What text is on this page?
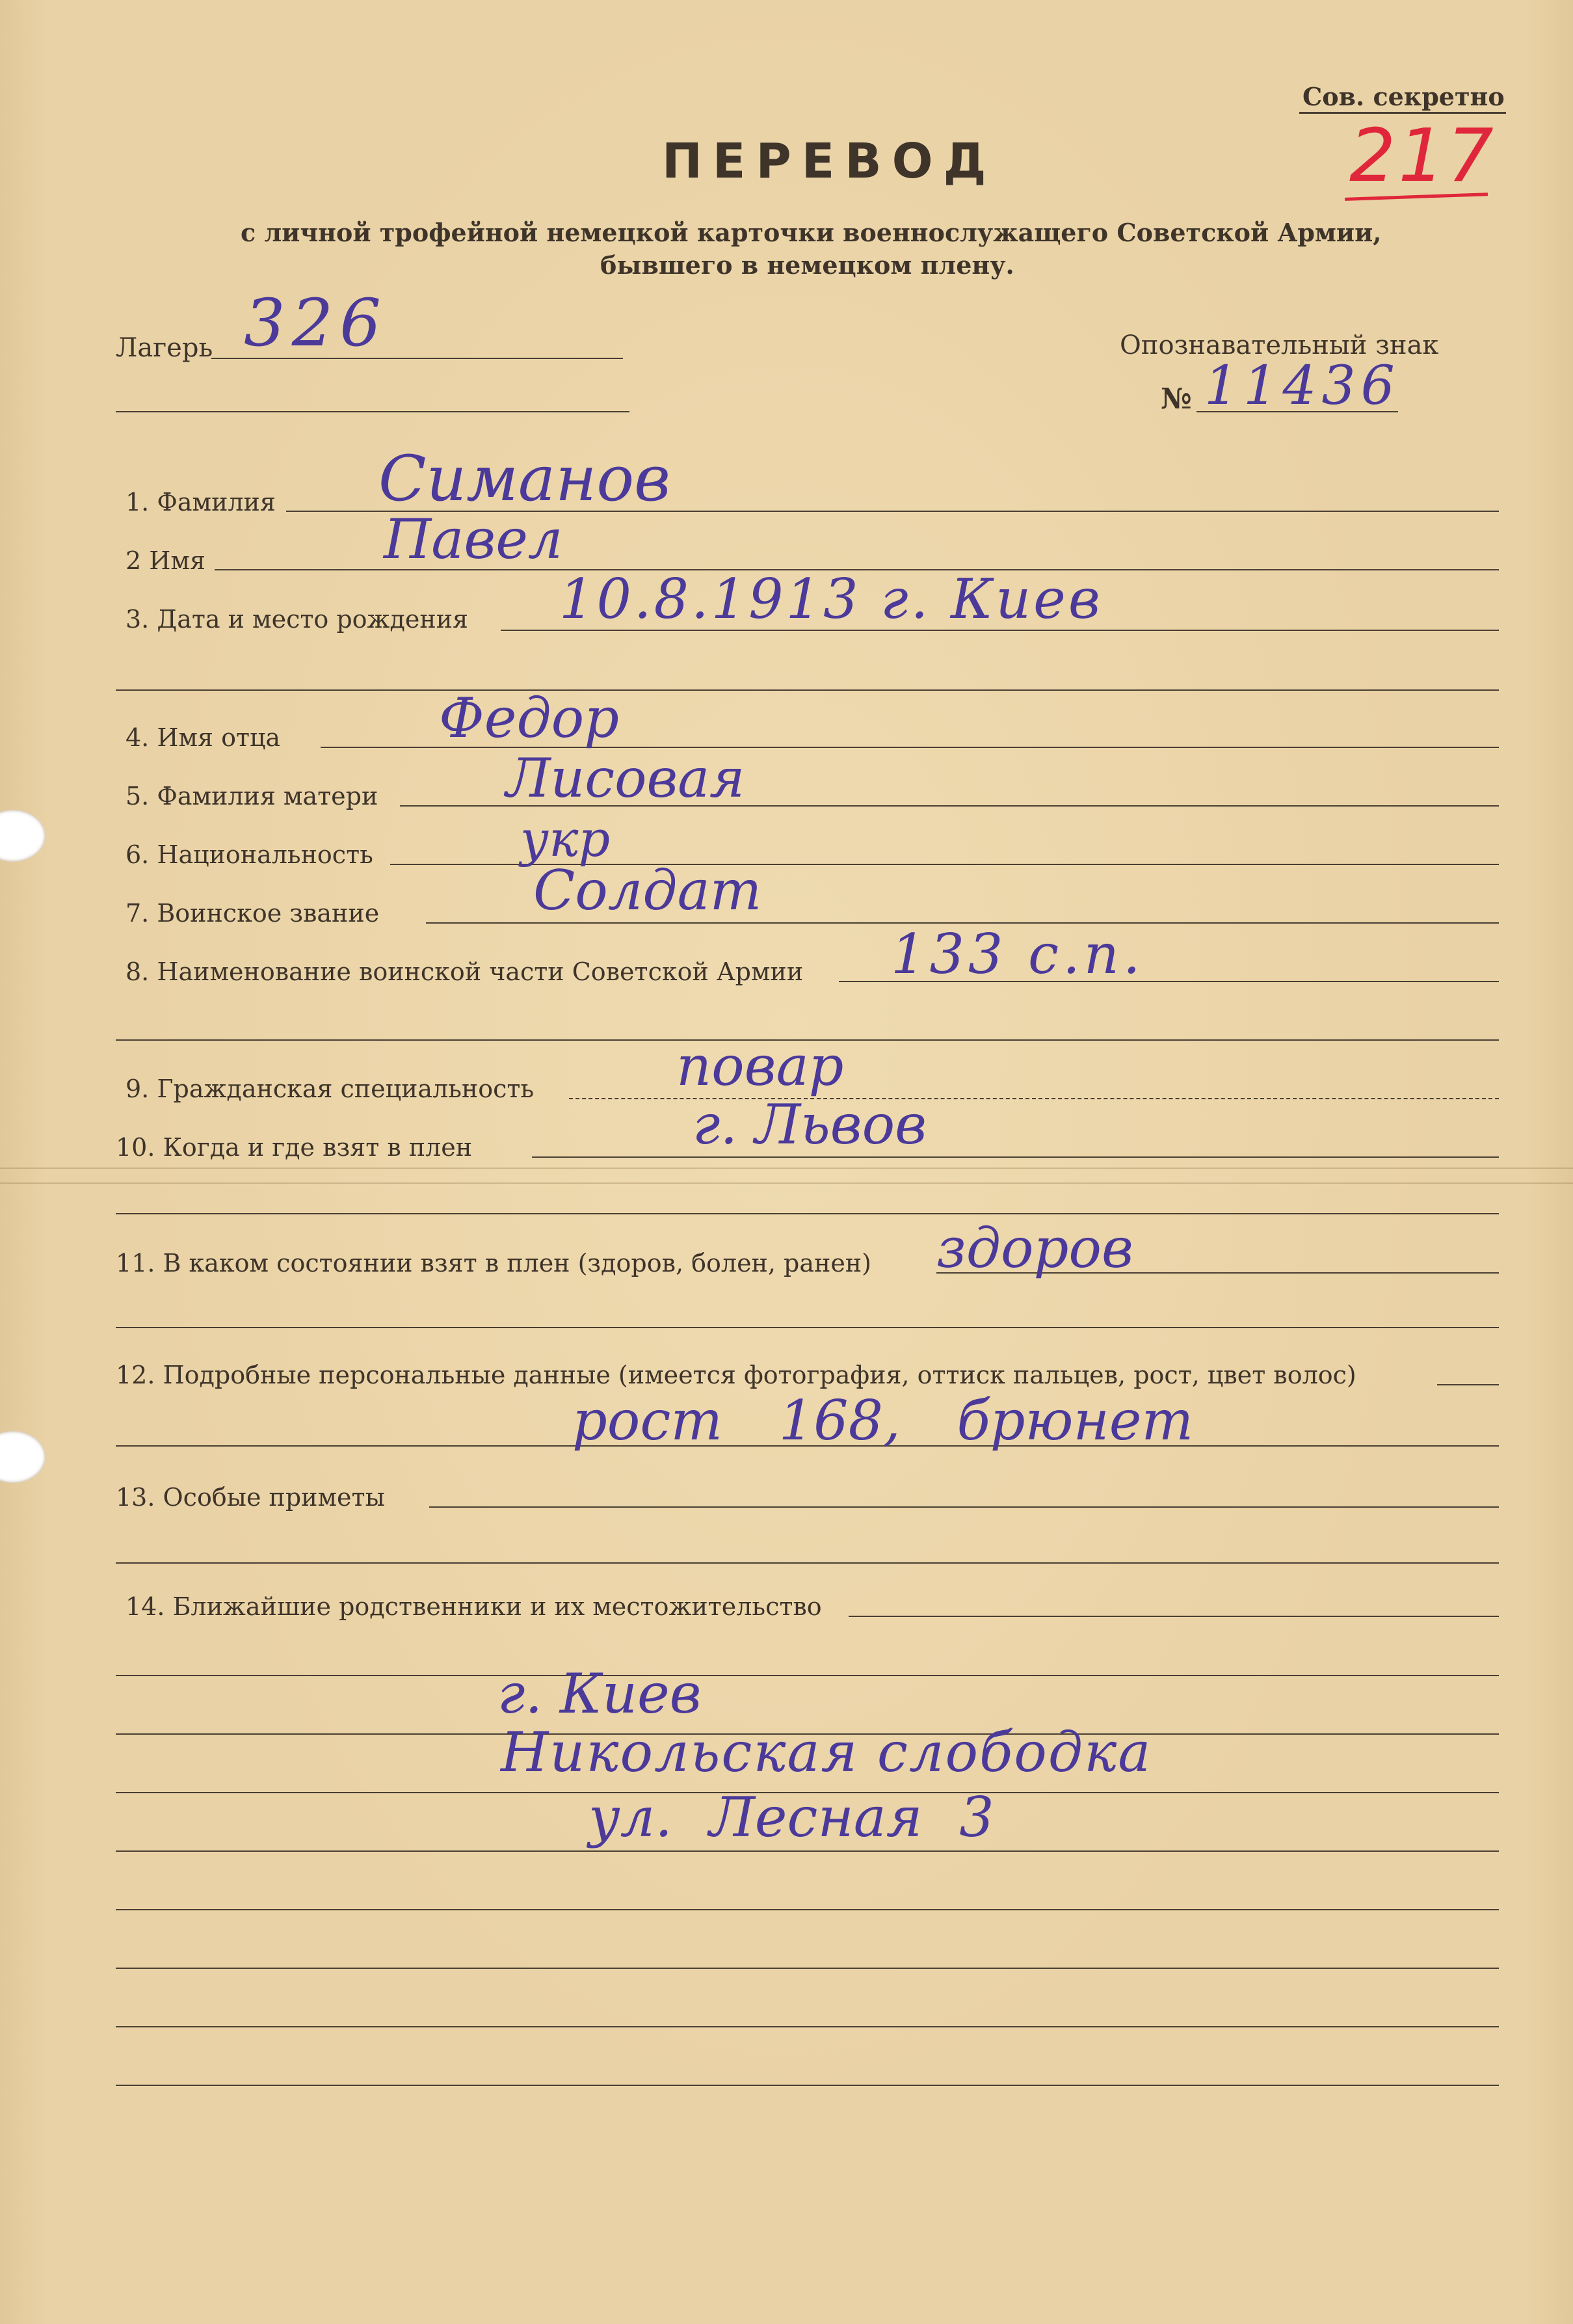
Сов. секретно
217
ПЕРЕВОД
с личной трофейной немецкой карточки военнослужащего Советской Армии,
бывшего в немецком плену.
Лагерь 326	Опознавательный знак
№ 11436
1. Фамилия Симанов
2 Имя	Павел
3. Дата и место рождения 10.8.1913 г. Киев
4. Имя отца	Федор
5. Фамилия матери Лисовая
6. Национальность	укр
7. Воинское звание	Солдат
8. Наименование воинской части Советской Армии 133 с.п.
9. Гражданская специальность	повар
10. Когда и где взят в плен	г. Львов
11. В каком состоянии взят в плен (здоров, болен, ранен) здоров
12. Подробные персональные данные (имеется фотография, оттиск пальцев, рост, цвет волос)
рост 168, брюнет
13. Особые приметы
14. Ближайшие родственники и их местожительство
г. Киев
Никольская слободка
ул. Лесная 3
